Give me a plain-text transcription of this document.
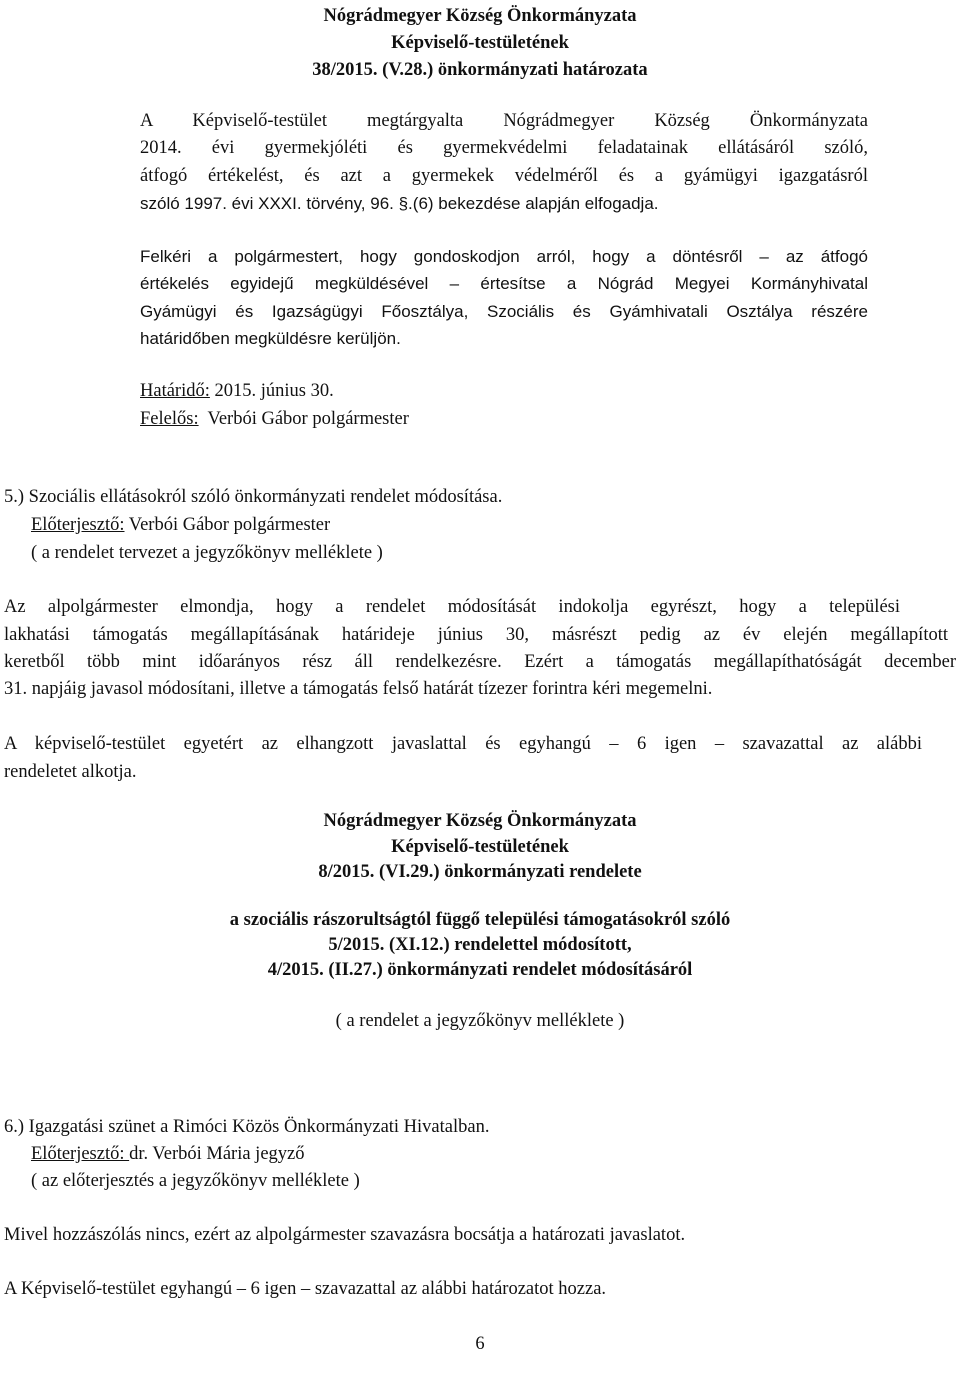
Nógrádmegyer Község Önkormányzata
Képviselő-testületének
38/2015. (V.28.) önkormányzati határozata
A Képviselő-testület megtárgyalta Nógrádmegyer Község Önkormányzata
2014. évi gyermekjóléti és gyermekvédelmi feladatainak ellátásáról szóló,
átfogó értékelést, és azt a gyermekek védelméről és a gyámügyi igazgatásról
szóló 1997. évi XXXI. törvény, 96. §.(6) bekezdése alapján elfogadja.
Felkéri a polgármestert, hogy gondoskodjon arról, hogy a döntésről – az átfogó
értékelés egyidejű megküldésével – értesítse a Nógrád Megyei Kormányhivatal
Gyámügyi és Igazságügyi Főosztálya, Szociális és Gyámhivatali Osztálya részére
határidőben megküldésre kerüljön.
Határidő: 2015. június 30.
Felelős:  Verbói Gábor polgármester
5.) Szociális ellátásokról szóló önkormányzati rendelet módosítása.
Előterjesztő: Verbói Gábor polgármester
( a rendelet tervezet a jegyzőkönyv melléklete )
Az alpolgármester elmondja, hogy a rendelet módosítását indokolja egyrészt, hogy a települési
lakhatási támogatás megállapításának határideje június 30, másrészt pedig az év elején megállapított
keretből több mint időarányos rész áll rendelkezésre. Ezért a támogatás megállapíthatóságát december
31. napjáig javasol módosítani, illetve a támogatás felső határát tízezer forintra kéri megemelni.
A képviselő-testület egyetért az elhangzott javaslattal és egyhangú – 6 igen – szavazattal az alábbi
rendeletet alkotja.
Nógrádmegyer Község Önkormányzata
Képviselő-testületének
8/2015. (VI.29.) önkormányzati rendelete
a szociális rászorultságtól függő települési támogatásokról szóló
5/2015. (XI.12.) rendelettel módosított,
4/2015. (II.27.) önkormányzati rendelet módosításáról
( a rendelet a jegyzőkönyv melléklete )
6.) Igazgatási szünet a Rimóci Közös Önkormányzati Hivatalban.
Előterjesztő: dr. Verbói Mária jegyző
( az előterjesztés a jegyzőkönyv melléklete )
Mivel hozzászólás nincs, ezért az alpolgármester szavazásra bocsátja a határozati javaslatot.
A Képviselő-testület egyhangú – 6 igen – szavazattal az alábbi határozatot hozza.
6
